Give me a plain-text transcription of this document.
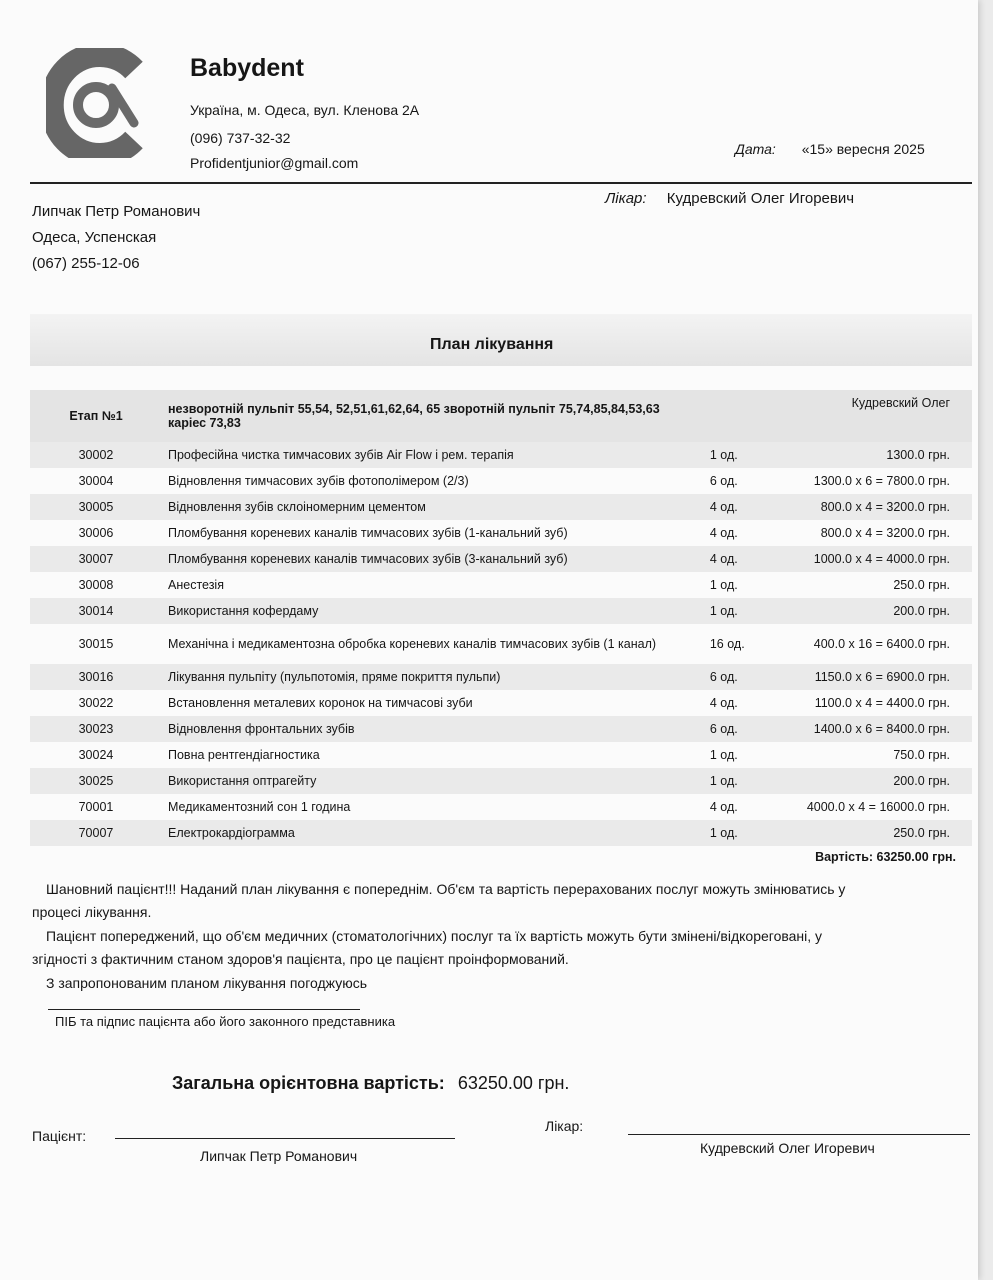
Babydent
Україна, м. Одеса, вул. Кленова 2А
(096) 737-32-32
Profidentjunior@gmail.com
Дата: «15» вересня 2025
Лікар: Кудревский Олег Игоревич
Липчак Петр Романович
Одеса, Успенская
(067) 255-12-06
План лікування
Етап №1	незворотній пульпіт 55,54, 52,51,61,62,64, 65 зворотній пульпіт 75,74,85,84,53,63
каріес 73,83		Кудревский Олег
30002	Професійна чистка тимчасових зубів Air Flow і рем. терапія	1 од.	1300.0 грн.
30004	Відновлення тимчасових зубів фотополімером (2/3)	6 од.	1300.0 х 6 = 7800.0 грн.
30005	Відновлення зубів склоіномерним цементом	4 од.	800.0 х 4 = 3200.0 грн.
30006	Пломбування кореневих каналів тимчасових зубів (1-канальний зуб)	4 од.	800.0 х 4 = 3200.0 грн.
30007	Пломбування кореневих каналів тимчасових зубів (3-канальний зуб)	4 од.	1000.0 х 4 = 4000.0 грн.
30008	Анестезія	1 од.	250.0 грн.
30014	Використання кофердаму	1 од.	200.0 грн.
30015	Механічна і медикаментозна обробка кореневих каналів тимчасових зубів (1 канал)	16 од.	400.0 х 16 = 6400.0 грн.
30016	Лікування пульпіту (пульпотомія, пряме покриття пульпи)	6 од.	1150.0 х 6 = 6900.0 грн.
30022	Встановлення металевих коронок на тимчасові зуби	4 од.	1100.0 х 4 = 4400.0 грн.
30023	Відновлення фронтальних зубів	6 од.	1400.0 х 6 = 8400.0 грн.
30024	Повна рентгендіагностика	1 од.	750.0 грн.
30025	Використання оптрагейту	1 од.	200.0 грн.
70001	Медикаментозний сон 1 година	4 од.	4000.0 х 4 = 16000.0 грн.
70007	Електрокардіограмма	1 од.	250.0 грн.
Вартість: 63250.00 грн.			
Шановний пацієнт!!! Наданий план лікування є попереднім. Об'єм та вартість перерахованих послуг можуть змінюватись у
процесі лікування.
Пацієнт попереджений, що об'єм медичних (стоматологічних) послуг та їх вартість можуть бути змінені/відкореговані, у
згідності з фактичним станом здоров'я пацієнта, про це пацієнт проінформований.
З запропонованим планом лікування погоджуюсь
ПІБ та підпис пацієнта або його законного представника
Загальна орієнтовна вартість: 63250.00 грн.
Пацієнт:
Липчак Петр Романович
Лікар:
Кудревский Олег Игоревич
